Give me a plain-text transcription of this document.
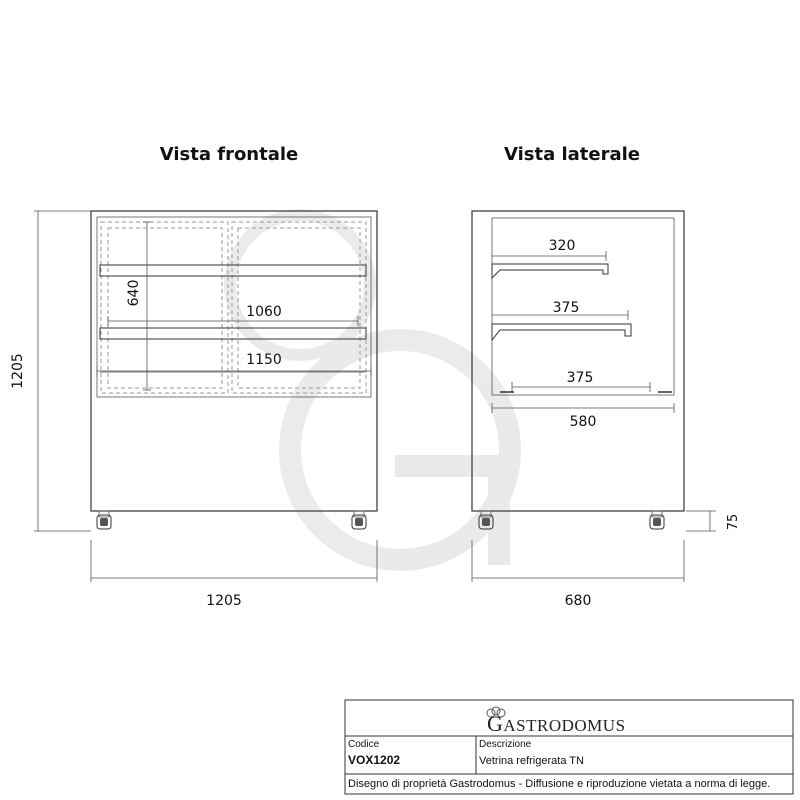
Vista frontale	Vista laterale
640
1060
1150
1205
1205
320
375
375
580
75
680
GASTRODOMUS
Codice
VOX1202
Descrizione
Vetrina refrigerata TN
Disegno di proprietà Gastrodomus - Diffusione e riproduzione vietata a norma di legge.
